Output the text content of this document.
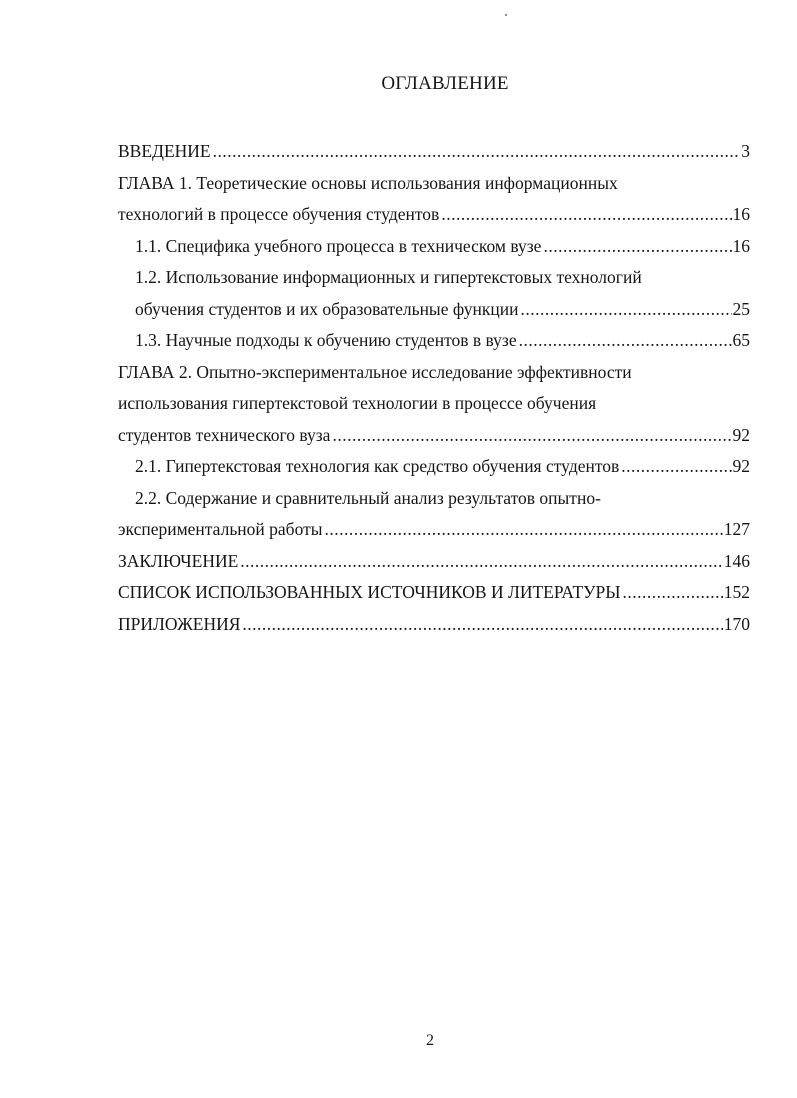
ОГЛАВЛЕНИЕ
ВВЕДЕНИЕ .....	3
ГЛАВА 1. Теоретические основы использования информационных
технологий в процессе обучения студентов .....	16
1.1. Специфика учебного процесса в техническом вузе .....	16
1.2. Использование информационных и гипертекстовых технологий
обучения студентов и их образовательные функции .....	25
1.3. Научные подходы к обучению студентов в вузе .....	65
ГЛАВА 2. Опытно-экспериментальное исследование эффективности
использования гипертекстовой технологии в процессе обучения
студентов технического вуза .....	92
2.1. Гипертекстовая технология как средство обучения студентов .....	92
2.2. Содержание и сравнительный анализ результатов опытно-
экспериментальной работы .....	127
ЗАКЛЮЧЕНИЕ .....	146
СПИСОК ИСПОЛЬЗОВАННЫХ ИСТОЧНИКОВ И ЛИТЕРАТУРЫ .....	152
ПРИЛОЖЕНИЯ .....	170
2
